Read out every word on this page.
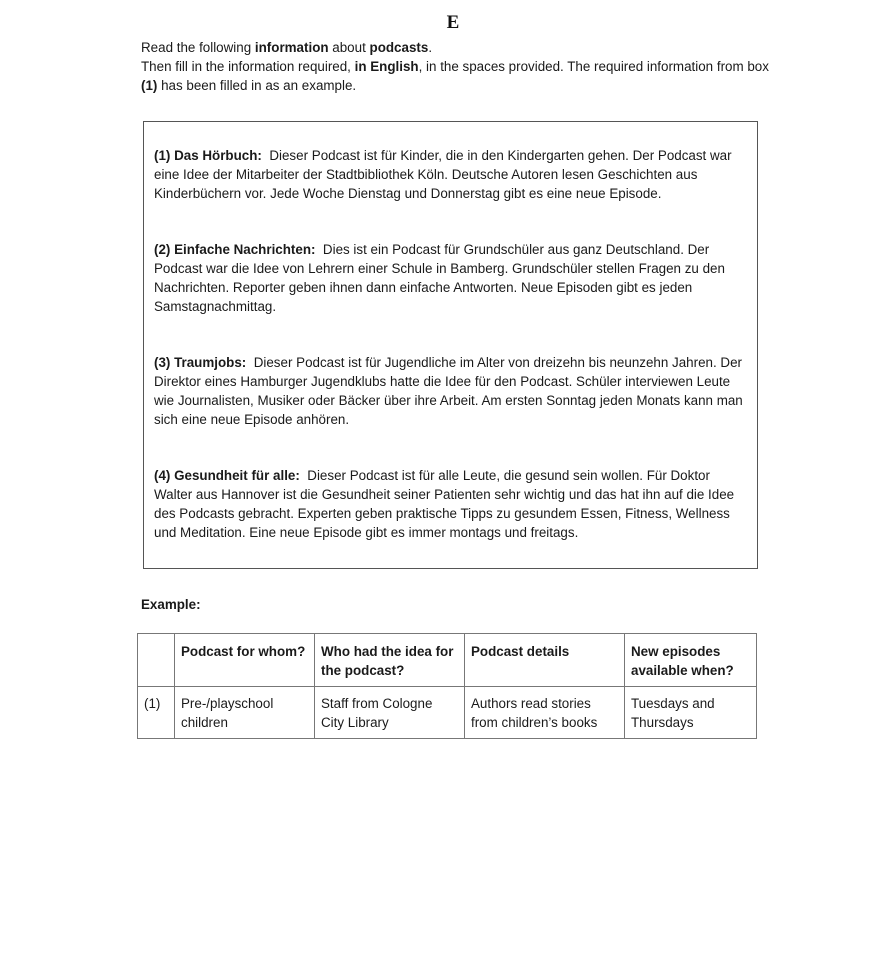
E

Read the following information about podcasts.

Then fill in the information required, in English, in the spaces provided. The required information from box (1) has been filled in as an example.

(1) Das Hörbuch: Dieser Podcast ist für Kinder, die in den Kindergarten gehen. Der Podcast war eine Idee der Mitarbeiter der Stadtbibliothek Köln. Deutsche Autoren lesen Geschichten aus Kinderbüchern vor. Jede Woche Dienstag und Donnerstag gibt es eine neue Episode.
(2) Einfache Nachrichten: Dies ist ein Podcast für Grundschüler aus ganz Deutschland. Der Podcast war die Idee von Lehrern einer Schule in Bamberg. Grundschüler stellen Fragen zu den Nachrichten. Reporter geben ihnen dann einfache Antworten. Neue Episoden gibt es jeden Samstagnachmittag.
(3) Traumjobs: Dieser Podcast ist für Jugendliche im Alter von dreizehn bis neunzehn Jahren. Der Direktor eines Hamburger Jugendklubs hatte die Idee für den Podcast. Schüler interviewen Leute wie Journalisten, Musiker oder Bäcker über ihre Arbeit. Am ersten Sonntag jeden Monats kann man sich eine neue Episode anhören.
(4) Gesundheit für alle: Dieser Podcast ist für alle Leute, die gesund sein wollen. Für Doktor Walter aus Hannover ist die Gesundheit seiner Patienten sehr wichtig und das hat ihn auf die Idee des Podcasts gebracht. Experten geben praktische Tipps zu gesundem Essen, Fitness, Wellness und Meditation. Eine neue Episode gibt es immer montags und freitags.
Example:
	Podcast for whom?	Who had the idea for the podcast?	Podcast details	New episodes available when?
(1)	Pre-/playschool children	Staff from Cologne City Library	Authors read stories from children’s books	Tuesdays and Thursdays
